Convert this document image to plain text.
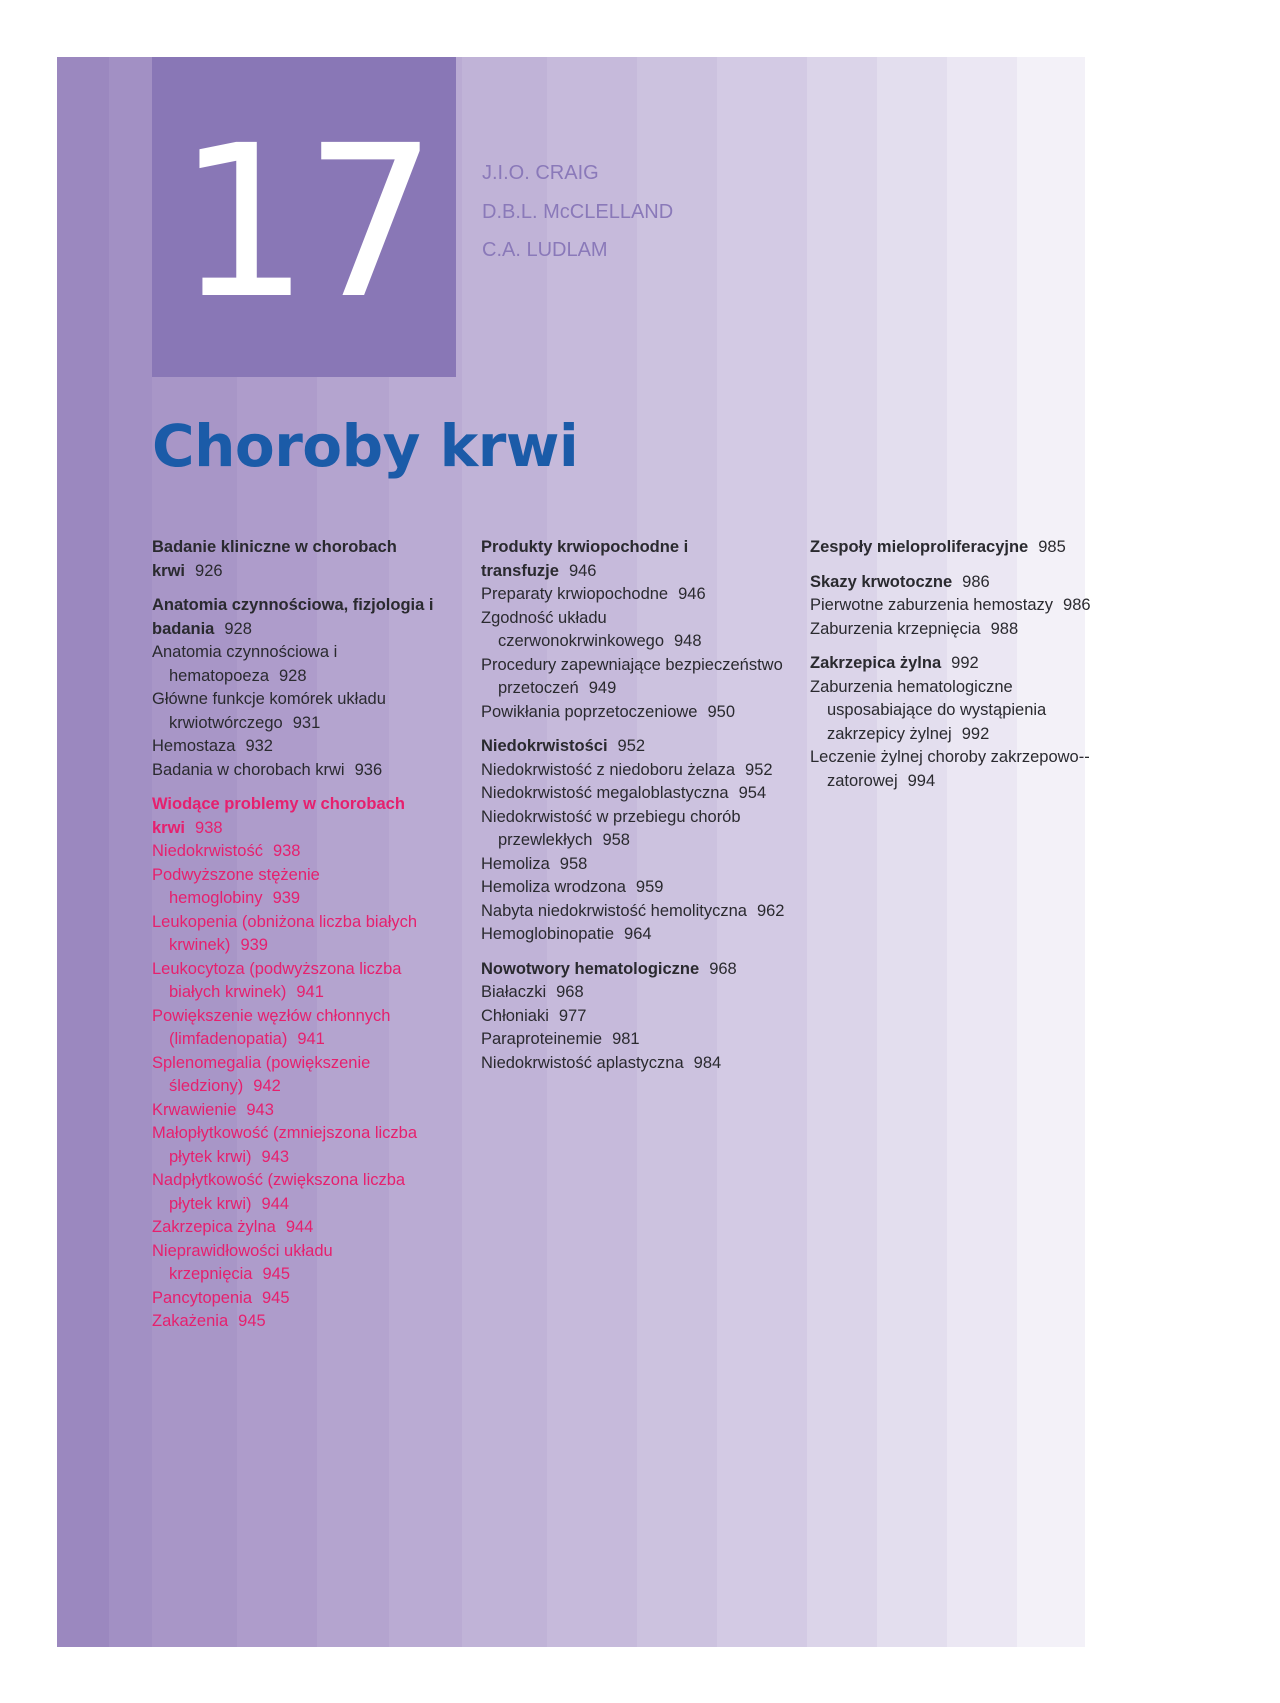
17	J.I.O. CRAIG
D.B.L. McCLELLAND
C.A. LUDLAM
Choroby krwi
Badanie kliniczne w chorobach krwi 926
Anatomia czynnościowa, fizjologia i badania 928
Anatomia czynnościowa i hematopoeza 928
Główne funkcje komórek układu krwiotwórczego 931
Hemostaza 932
Badania w chorobach krwi 936
Wiodące problemy w chorobach krwi 938
Niedokrwistość 938
Podwyższone stężenie hemoglobiny 939
Leukopenia (obniżona liczba białych krwinek) 939
Leukocytoza (podwyższona liczba białych krwinek) 941
Powiększenie węzłów chłonnych (limfadenopatia) 941
Splenomegalia (powiększenie śledziony) 942
Krwawienie 943
Małopłytkowość (zmniejszona liczba płytek krwi) 943
Nadpłytkowość (zwiększona liczba płytek krwi) 944
Zakrzepica żylna 944
Nieprawidłowości układu krzepnięcia 945
Pancytopenia 945
Zakażenia 945
Produkty krwiopochodne i transfuzje 946
Preparaty krwiopochodne 946
Zgodność układu czerwonokrwinkowego 948
Procedury zapewniające bezpieczeństwo przetoczeń 949
Powikłania poprzetoczeniowe 950
Niedokrwistości 952
Niedokrwistość z niedoboru żelaza 952
Niedokrwistość megaloblastyczna 954
Niedokrwistość w przebiegu chorób przewlekłych 958
Hemoliza 958
Hemoliza wrodzona 959
Nabyta niedokrwistość hemolityczna 962
Hemoglobinopatie 964
Nowotwory hematologiczne 968
Białaczki 968
Chłoniaki 977
Paraproteinemie 981
Niedokrwistość aplastyczna 984
Zespoły mieloproliferacyjne 985
Skazy krwotoczne 986
Pierwotne zaburzenia hemostazy 986
Zaburzenia krzepnięcia 988
Zakrzepica żylna 992
Zaburzenia hematologiczne usposabiające do wystąpienia zakrzepicy żylnej 992
Leczenie żylnej choroby zakrzepowo--zatorowej 994
